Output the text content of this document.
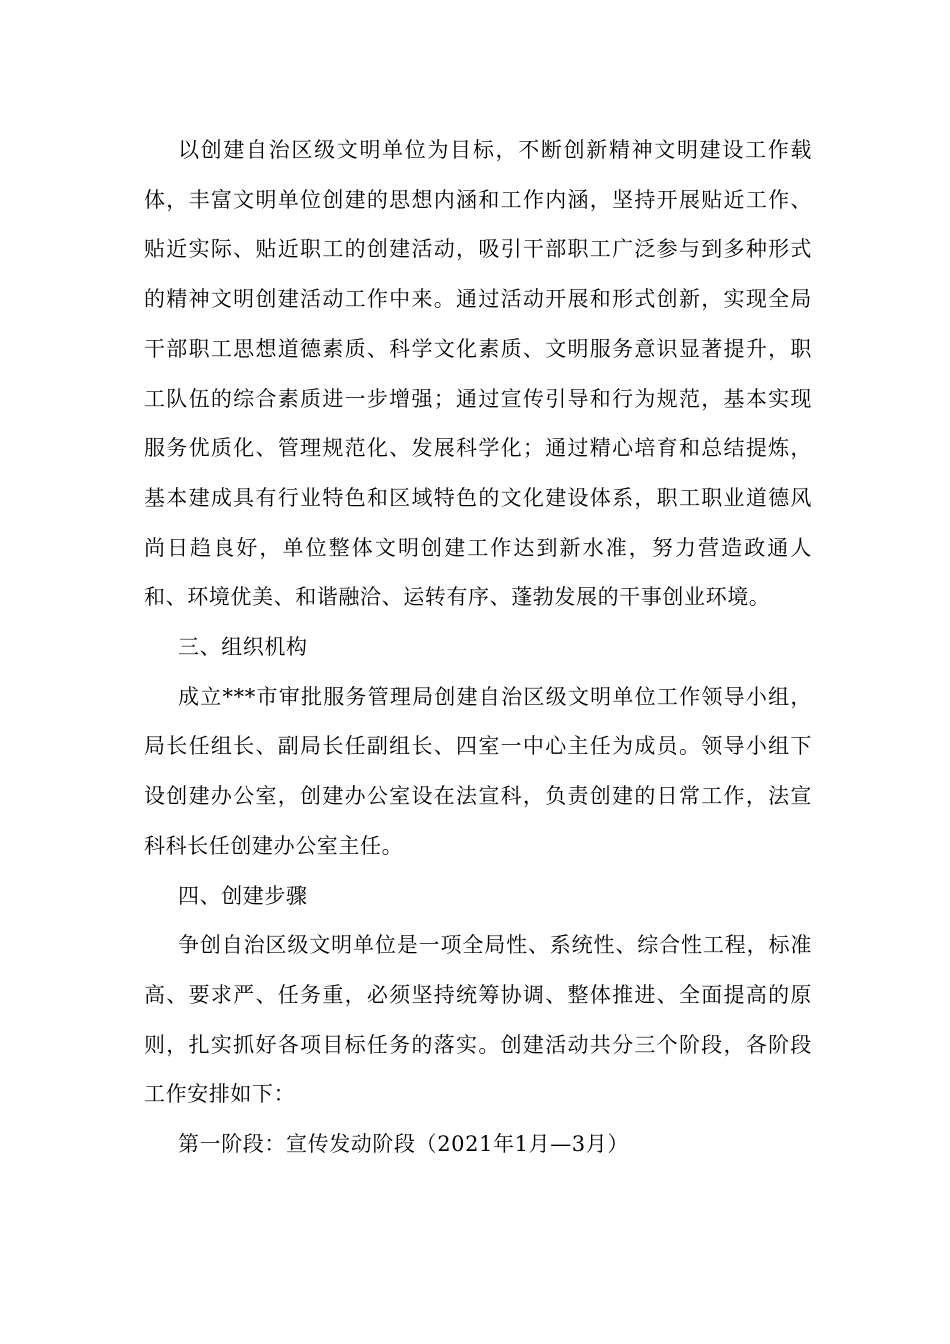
以创建自治区级文明单位为目标，不断创新精神文明建设工作载体，丰富文明单位创建的思想内涵和工作内涵，坚持开展贴近工作、贴近实际、贴近职工的创建活动，吸引干部职工广泛参与到多种形式的精神文明创建活动工作中来。通过活动开展和形式创新，实现全局干部职工思想道德素质、科学文化素质、文明服务意识显著提升，职工队伍的综合素质进一步增强；通过宣传引导和行为规范，基本实现服务优质化、管理规范化、发展科学化；通过精心培育和总结提炼，基本建成具有行业特色和区域特色的文化建设体系，职工职业道德风尚日趋良好，单位整体文明创建工作达到新水准，努力营造政通人和、环境优美、和谐融洽、运转有序、蓬勃发展的干事创业环境。

三、组织机构

成立***市审批服务管理局创建自治区级文明单位工作领导小组，局长任组长、副局长任副组长、四室一中心主任为成员。领导小组下设创建办公室，创建办公室设在法宣科，负责创建的日常工作，法宣科科长任创建办公室主任。

四、创建步骤

争创自治区级文明单位是一项全局性、系统性、综合性工程，标准高、要求严、任务重，必须坚持统筹协调、整体推进、全面提高的原则，扎实抓好各项目标任务的落实。创建活动共分三个阶段，各阶段工作安排如下：

第一阶段：宣传发动阶段（2021年1月—3月）
